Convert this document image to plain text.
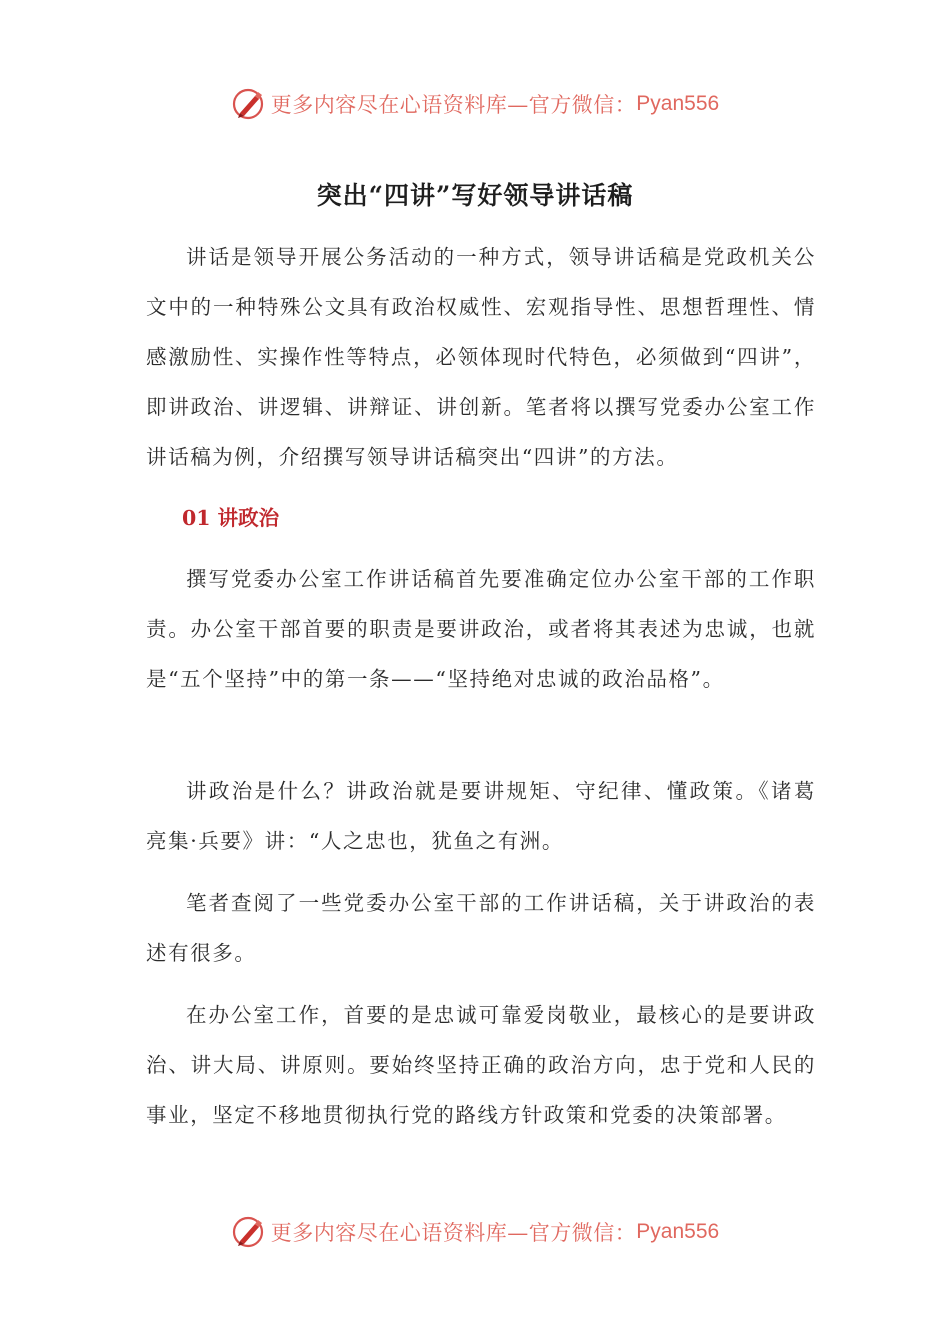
更多内容尽在心语资料库—官方微信： Pyan556
突出“四讲”写好领导讲话稿

讲话是领导开展公务活动的一种方式，领导讲话稿是党政机关公文中的一种特殊公文具有政治权威性、宏观指导性、思想哲理性、情感激励性、实操作性等特点，必领体现时代特色，必须做到“四讲”，即讲政治、讲逻辑、讲辩证、讲创新。笔者将以撰写党委办公室工作讲话稿为例，介绍撰写领导讲话稿突出“四讲”的方法。

01 讲政治

撰写党委办公室工作讲话稿首先要准确定位办公室干部的工作职责。办公室干部首要的职责是要讲政治，或者将其表述为忠诚，也就是“五个坚持”中的第一条——“坚持绝对忠诚的政治品格”。

讲政治是什么？讲政治就是要讲规矩、守纪律、懂政策。《诸葛亮集·兵要》讲：“人之忠也，犹鱼之有洲。

笔者查阅了一些党委办公室干部的工作讲话稿，关于讲政治的表述有很多。

在办公室工作，首要的是忠诚可靠爱岗敬业，最核心的是要讲政治、讲大局、讲原则。要始终坚持正确的政治方向，忠于党和人民的事业，坚定不移地贯彻执行党的路线方针政策和党委的决策部署。

更多内容尽在心语资料库—官方微信： Pyan556
